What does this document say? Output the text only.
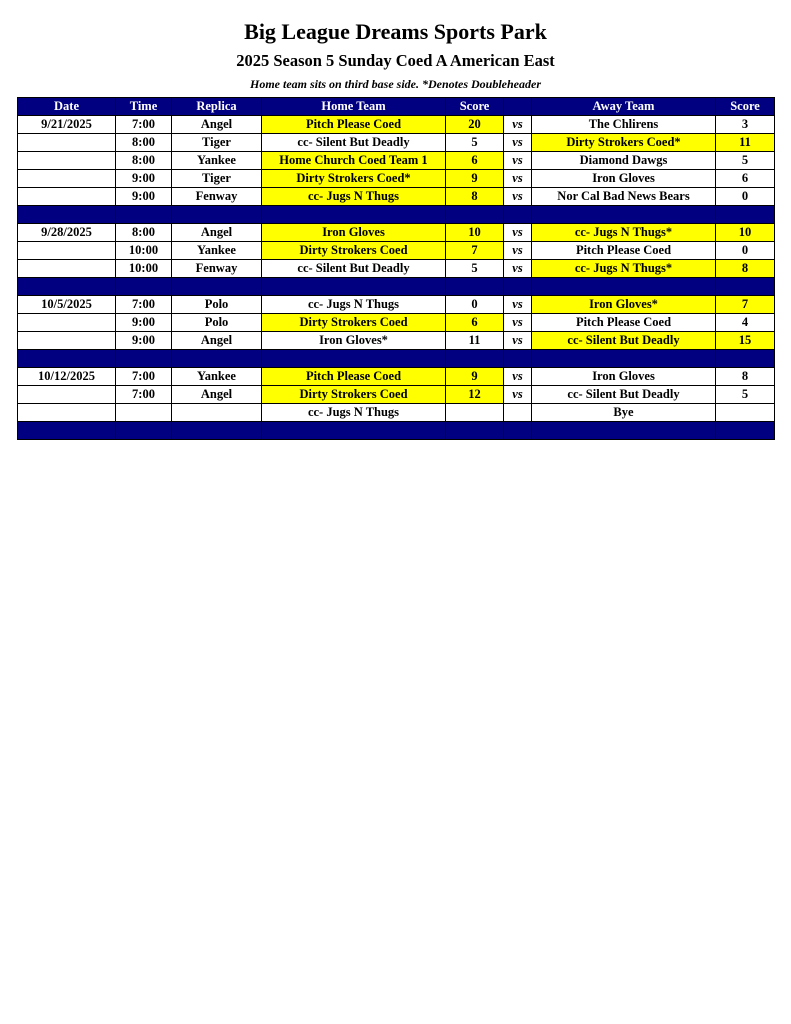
Big League Dreams Sports Park
2025 Season 5 Sunday Coed A American East
Home team sits on third base side. *Denotes Doubleheader
Date	Time	Replica	Home Team	Score		Away Team	Score
9/21/2025	7:00	Angel	Pitch Please Coed	20	vs	The Chlirens	3
	8:00	Tiger	cc- Silent But Deadly	5	vs	Dirty Strokers Coed*	11
	8:00	Yankee	Home Church Coed Team 1	6	vs	Diamond Dawgs	5
	9:00	Tiger	Dirty Strokers Coed*	9	vs	Iron Gloves	6
	9:00	Fenway	cc- Jugs N Thugs	8	vs	Nor Cal Bad News Bears	0

9/28/2025	8:00	Angel	Iron Gloves	10	vs	cc- Jugs N Thugs*	10
	10:00	Yankee	Dirty Strokers Coed	7	vs	Pitch Please Coed	0
	10:00	Fenway	cc- Silent But Deadly	5	vs	cc- Jugs N Thugs*	8

10/5/2025	7:00	Polo	cc- Jugs N Thugs	0	vs	Iron Gloves*	7
	9:00	Polo	Dirty Strokers Coed	6	vs	Pitch Please Coed	4
	9:00	Angel	Iron Gloves*	11	vs	cc- Silent But Deadly	15

10/12/2025	7:00	Yankee	Pitch Please Coed	9	vs	Iron Gloves	8
	7:00	Angel	Dirty Strokers Coed	12	vs	cc- Silent But Deadly	5
			cc- Jugs N Thugs			Bye	
